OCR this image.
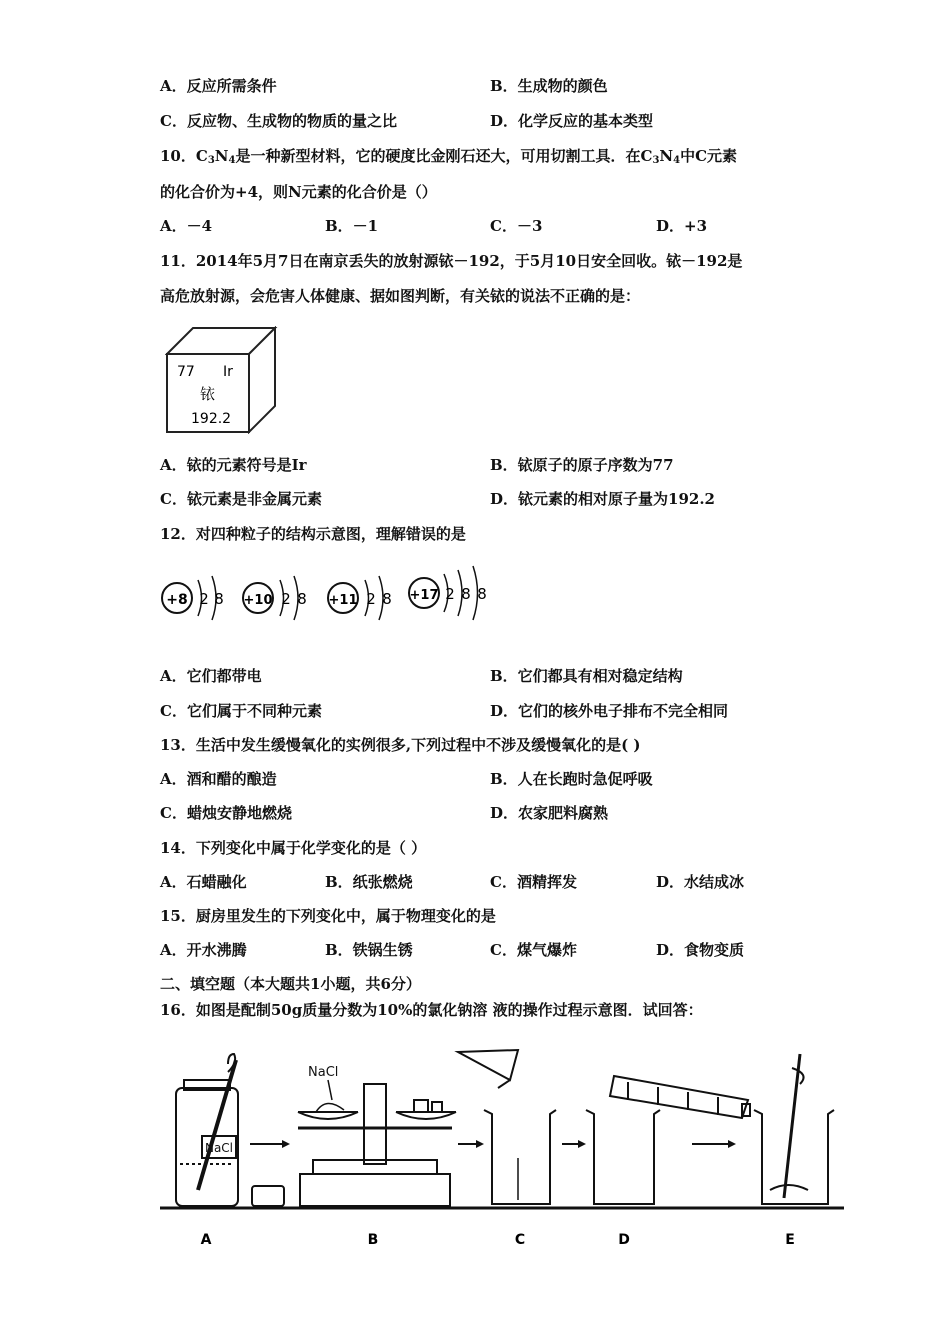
A．反应所需条件	B．生成物的颜色
C．反应物、生成物的物质的量之比	D．化学反应的基本类型
10．$C_3N_4$是一种新型材料，它的硬度比金刚石还大，可用切割工具．在$C_3N_4$中C元素
的化合价为+4，则N元素的化合价是（）
A．－4	B．－1	C．－3	D．+3
11．2014年5月7日在南京丢失的放射源铱－192，于5月10日安全回收。铱－192是
高危放射源，会危害人体健康、据如图判断，有关铱的说法不正确的是：
77 Ir
铱
192.2
A．铱的元素符号是Ir	B．铱原子的原子序数为77
C．铱元素是非金属元素	D．铱元素的相对原子量为192.2
12．对四种粒子的结构示意图，理解错误的是
+8 2 8 +10 2 8 +11 2 8 +17 2 8 8
A．它们都带电	B．它们都具有相对稳定结构
C．它们属于不同种元素	D．它们的核外电子排布不完全相同
13．生活中发生缓慢氧化的实例很多,下列过程中不涉及缓慢氧化的是( )
A．酒和醋的酿造	B．人在长跑时急促呼吸
C．蜡烛安静地燃烧	D．农家肥料腐熟
14．下列变化中属于化学变化的是（ ）
A．石蜡融化	B．纸张燃烧	C．酒精挥发	D．水结成冰
15．厨房里发生的下列变化中，属于物理变化的是
A．开水沸腾	B．铁锅生锈	C．煤气爆炸	D．食物变质
二、填空题（本大题共1小题，共6分）
16．如图是配制50g质量分数为10%的氯化钠溶 液的操作过程示意图．试回答：
NaCl
NaCl
A	B	C	D	E
